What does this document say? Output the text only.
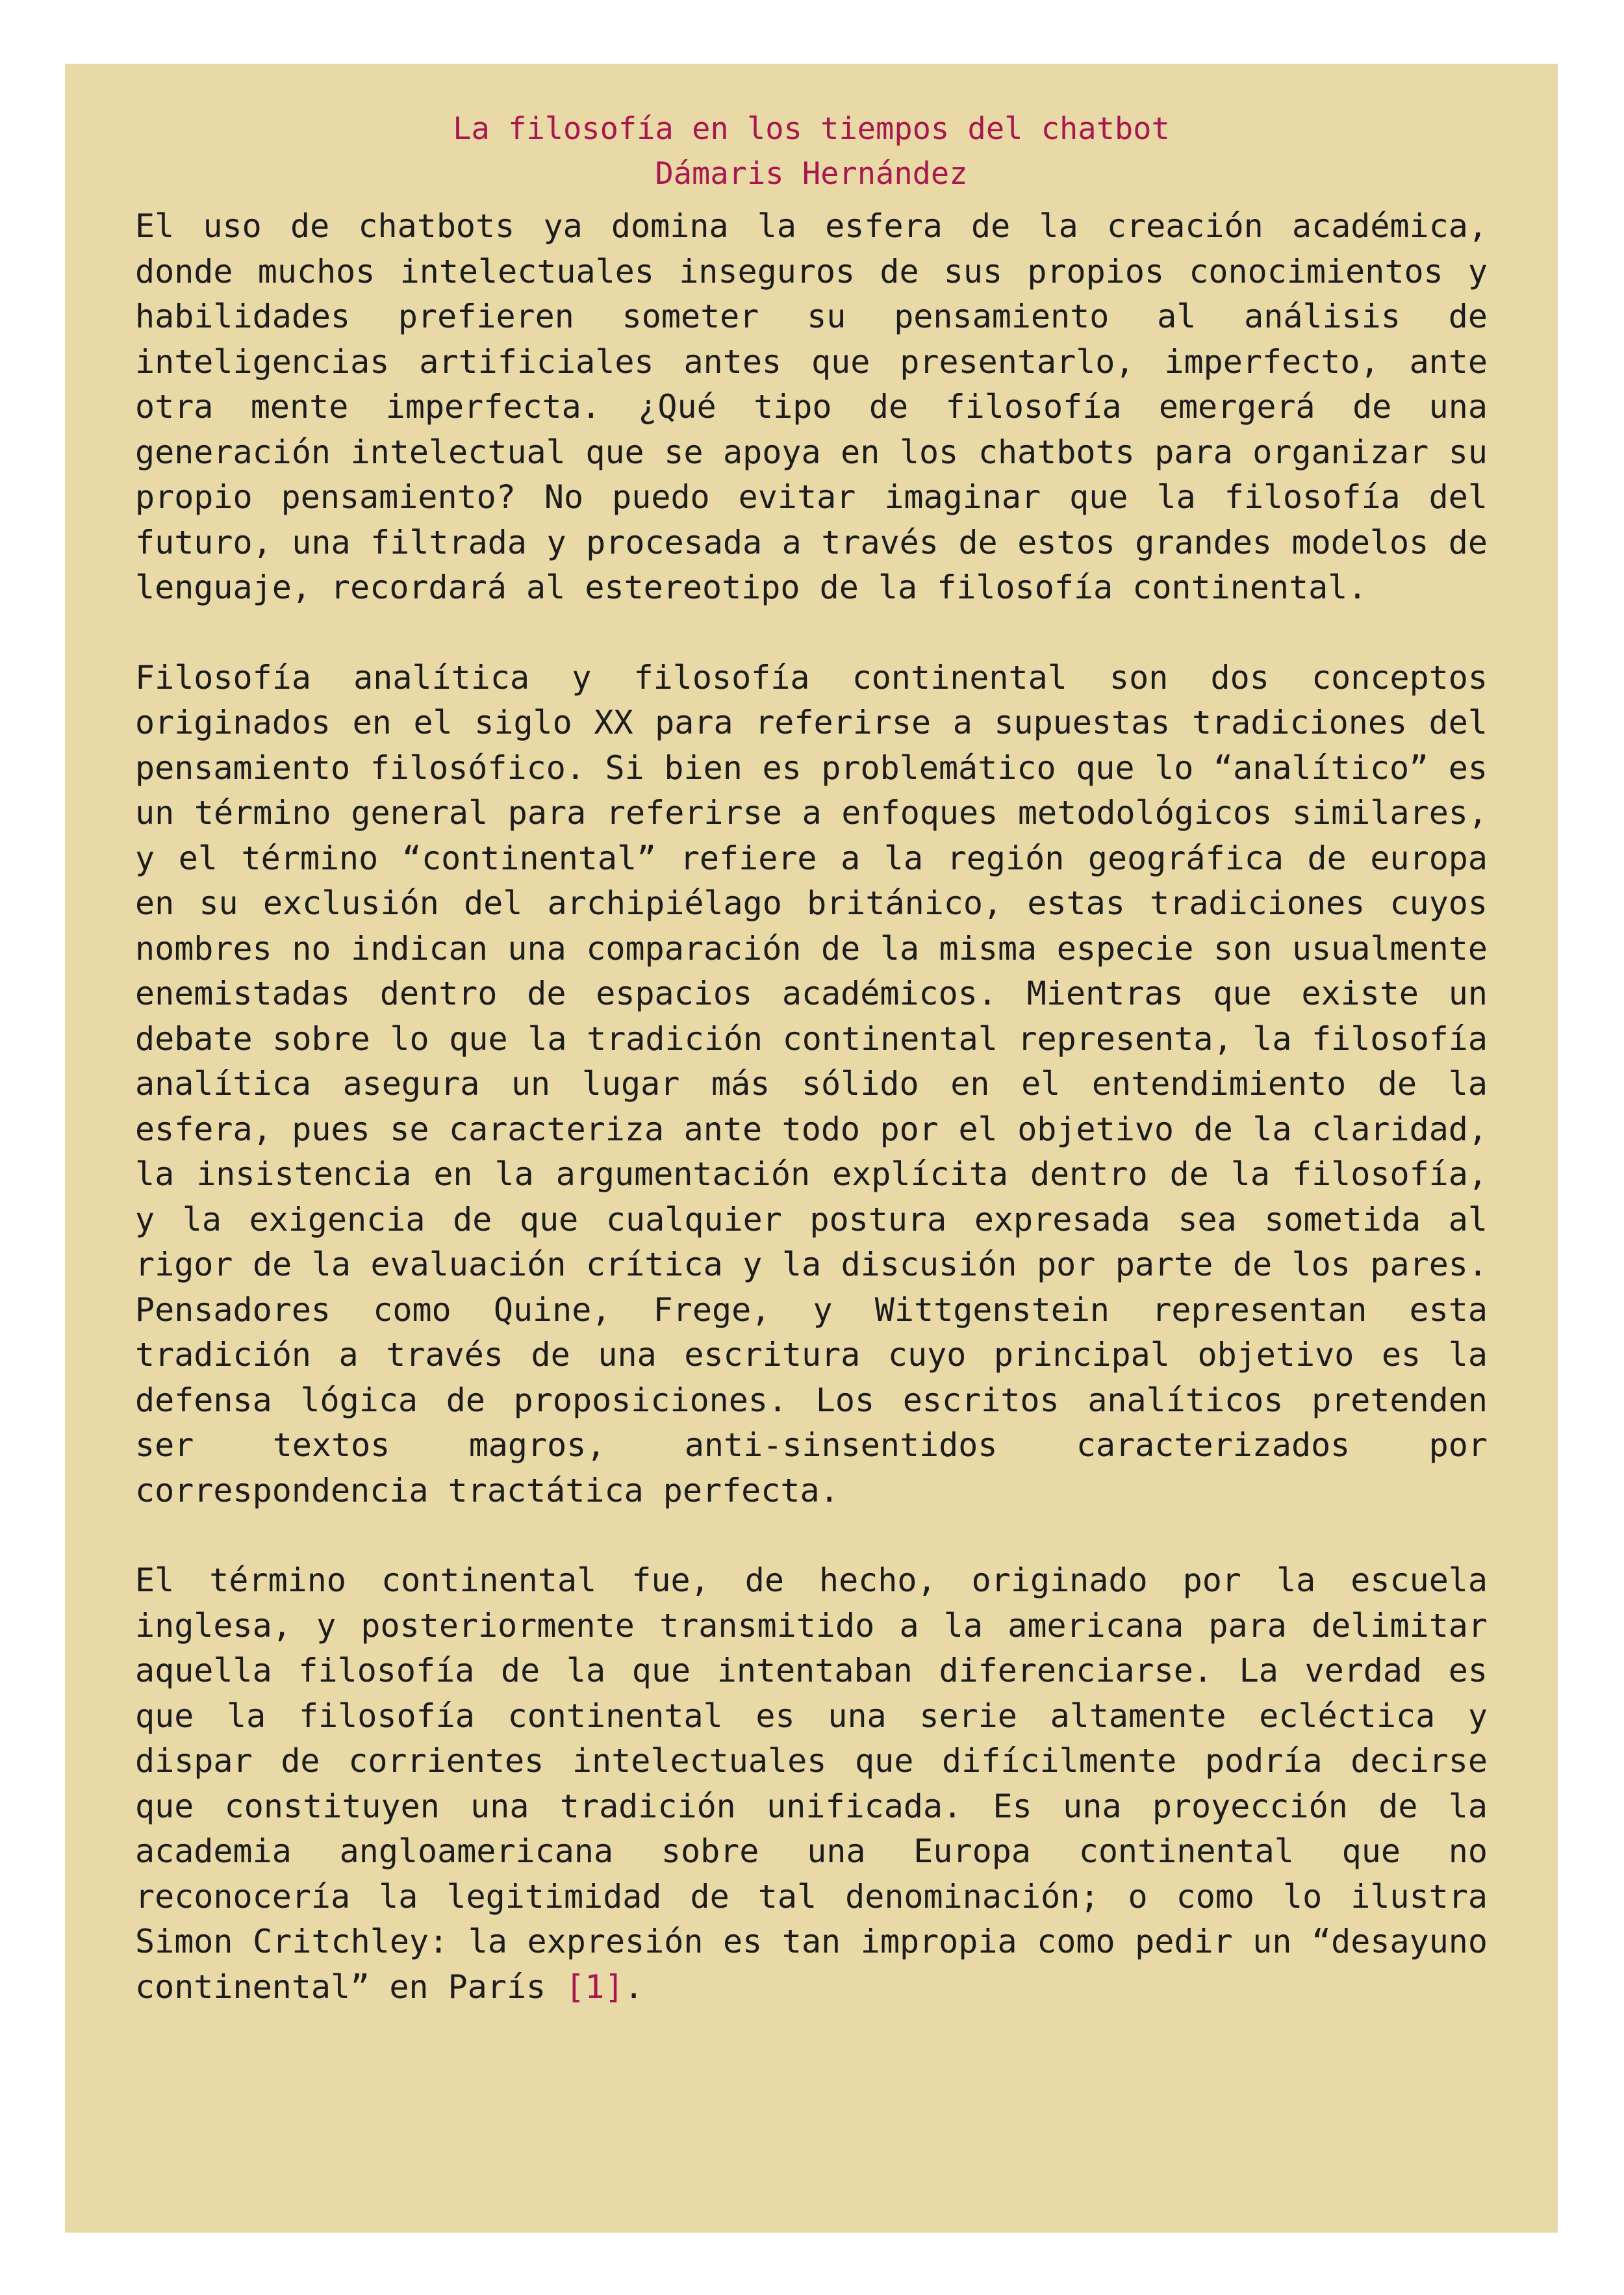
La filosofía en los tiempos del chatbot
Dámaris Hernández

El uso de chatbots ya domina la esfera de la creación académica, donde muchos intelectuales inseguros de sus propios conocimientos y habilidades prefieren someter su pensamiento al análisis de inteligencias artificiales antes que presentarlo, imperfecto, ante otra mente imperfecta. ¿Qué tipo de filosofía emergerá de una generación intelectual que se apoya en los chatbots para organizar su propio pensamiento? No puedo evitar imaginar que la filosofía del futuro, una filtrada y procesada a través de estos grandes modelos de lenguaje, recordará al estereotipo de la filosofía continental.

Filosofía analítica y filosofía continental son dos conceptos originados en el siglo XX para referirse a supuestas tradiciones del pensamiento filosófico. Si bien es problemático que lo “analítico” es un término general para referirse a enfoques metodológicos similares, y el término “continental” refiere a la región geográfica de europa en su exclusión del archipiélago británico, estas tradiciones cuyos nombres no indican una comparación de la misma especie son usualmente enemistadas dentro de espacios académicos. Mientras que existe un debate sobre lo que la tradición continental representa, la filosofía analítica asegura un lugar más sólido en el entendimiento de la esfera, pues se caracteriza ante todo por el objetivo de la claridad, la insistencia en la argumentación explícita dentro de la filosofía, y la exigencia de que cualquier postura expresada sea sometida al rigor de la evaluación crítica y la discusión por parte de los pares. Pensadores como Quine, Frege, y Wittgenstein representan esta tradición a través de una escritura cuyo principal objetivo es la defensa lógica de proposiciones. Los escritos analíticos pretenden ser textos magros, anti-sinsentidos caracterizados por correspondencia tractática perfecta.

El término continental fue, de hecho, originado por la escuela inglesa, y posteriormente transmitido a la americana para delimitar aquella filosofía de la que intentaban diferenciarse. La verdad es que la filosofía continental es una serie altamente ecléctica y dispar de corrientes intelectuales que difícilmente podría decirse que constituyen una tradición unificada. Es una proyección de la academia angloamericana sobre una Europa continental que no reconocería la legitimidad de tal denominación; o como lo ilustra Simon Critchley: la expresión es tan impropia como pedir un “desayuno continental” en París [1].
